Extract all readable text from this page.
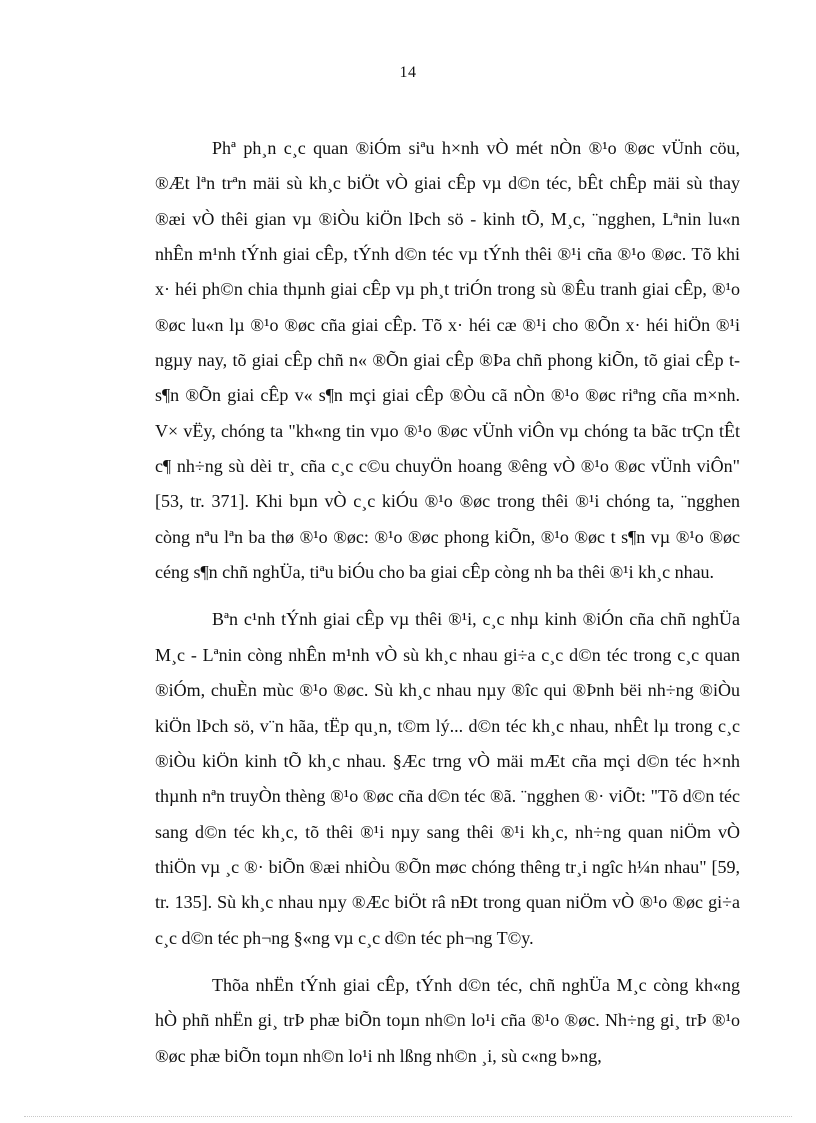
14

Phª ph¸n c¸c quan ®iÓm siªu h×nh vÒ mét nÒn ®¹o ®øc vÜnh cöu, ®Æt lªn trªn mäi sù kh¸c biÖt vÒ giai cÊp vµ d©n téc, bÊt chÊp mäi sù thay ®æi vÒ thêi gian vµ ®iÒu kiÖn lÞch sö - kinh tÕ, M¸c, ¨ngghen, Lªnin lu«n nhÊn m¹nh tÝnh giai cÊp, tÝnh d©n téc vµ tÝnh thêi ®¹i cña ®¹o ®øc. Tõ khi x· héi ph©n chia thµnh giai cÊp vµ ph¸t triÓn trong sù ®Êu tranh giai cÊp, ®¹o ®øc lu«n lµ ®¹o ®øc cña giai cÊp. Tõ x· héi cæ ®¹i cho ®Õn x· héi hiÖn ®¹i ngµy nay, tõ giai cÊp chñ n« ®Õn giai cÊp ®Þa chñ phong kiÕn, tõ giai cÊp t s¶n ®Õn giai cÊp v« s¶n mçi giai cÊp ®Òu cã nÒn ®¹o ®øc riªng cña m×nh. V× vËy, chóng ta "kh«ng tin vµo ®¹o ®øc vÜnh viÔn vµ chóng ta bãc trÇn tÊt c¶ nh÷ng sù dèi tr¸ cña c¸c c©u chuyÖn hoang ®êng vÒ ®¹o ®øc vÜnh viÔn" [53, tr. 371]. Khi bµn vÒ c¸c kiÓu ®¹o ®øc trong thêi ®¹i chóng ta, ¨ngghen còng nªu lªn ba thø ®¹o ®øc: ®¹o ®øc phong kiÕn, ®¹o ®øc t s¶n vµ ®¹o ®øc céng s¶n chñ nghÜa, tiªu biÓu cho ba giai cÊp còng nh ba thêi ®¹i kh¸c nhau.

Bªn c¹nh tÝnh giai cÊp vµ thêi ®¹i, c¸c nhµ kinh ®iÓn cña chñ nghÜa M¸c - Lªnin còng nhÊn m¹nh vÒ sù kh¸c nhau gi÷a c¸c d©n téc trong c¸c quan ®iÓm, chuÈn mùc ®¹o ®øc. Sù kh¸c nhau nµy ®îc qui ®Þnh bëi nh÷ng ®iÒu kiÖn lÞch sö, v¨n hãa, tËp qu¸n, t©m lý... d©n téc kh¸c nhau, nhÊt lµ trong c¸c ®iÒu kiÖn kinh tÕ kh¸c nhau. §Æc trng vÒ mäi mÆt cña mçi d©n téc h×nh thµnh nªn truyÒn thèng ®¹o ®øc cña d©n téc ®ã. ¨ngghen ®· viÕt: "Tõ d©n téc sang d©n téc kh¸c, tõ thêi ®¹i nµy sang thêi ®¹i kh¸c, nh÷ng quan niÖm vÒ thiÖn vµ ¸c ®· biÕn ®æi nhiÒu ®Õn møc chóng thêng tr¸i ngîc h¼n nhau" [59, tr. 135]. Sù kh¸c nhau nµy ®Æc biÖt râ nÐt trong quan niÖm vÒ ®¹o ®øc gi÷a c¸c d©n téc ph¬ng §«ng vµ c¸c d©n téc ph¬ng T©y.

Thõa nhËn tÝnh giai cÊp, tÝnh d©n téc, chñ nghÜa M¸c còng kh«ng hÒ phñ nhËn gi¸ trÞ phæ biÕn toµn nh©n lo¹i cña ®¹o ®øc. Nh÷ng gi¸ trÞ ®¹o ®øc phæ biÕn toµn nh©n lo¹i nh lßng nh©n ¸i, sù c«ng b»ng,
